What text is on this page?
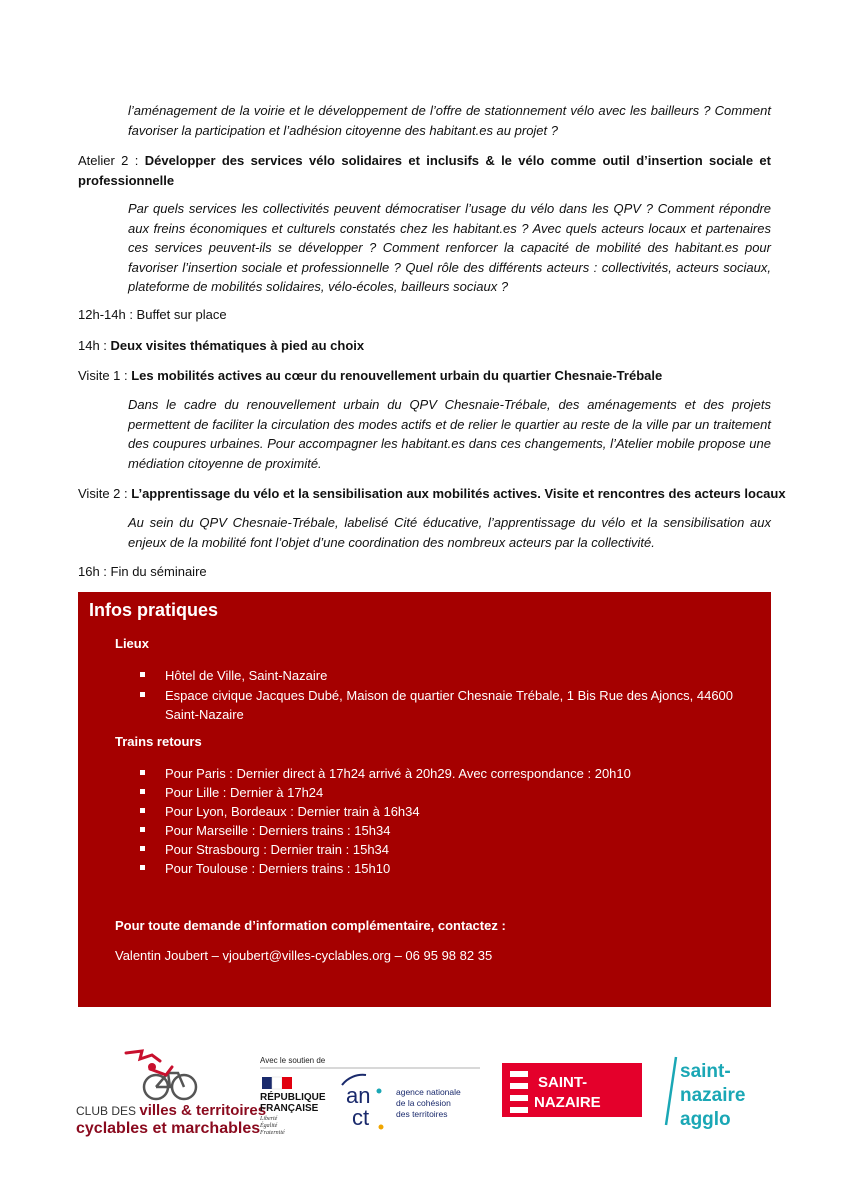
l’aménagement de la voirie et le développement de l’offre de stationnement vélo avec les bailleurs ? Comment favoriser la participation et l’adhésion citoyenne des habitant.es au projet ?
Atelier 2 : Développer des services vélo solidaires et inclusifs & le vélo comme outil d’insertion sociale et professionnelle
Par quels services les collectivités peuvent démocratiser l’usage du vélo dans les QPV ? Comment répondre aux freins économiques et culturels constatés chez les habitant.es ? Avec quels acteurs locaux et partenaires ces services peuvent-ils se développer ? Comment renforcer la capacité de mobilité des habitant.es pour favoriser l’insertion sociale et professionnelle ? Quel rôle des différents acteurs : collectivités, acteurs sociaux, plateforme de mobilités solidaires, vélo-écoles, bailleurs sociaux ?
12h-14h : Buffet sur place
14h : Deux visites thématiques à pied au choix
Visite 1 : Les mobilités actives au cœur du renouvellement urbain du quartier Chesnaie-Trébale
Dans le cadre du renouvellement urbain du QPV Chesnaie-Trébale, des aménagements et des projets permettent de faciliter la circulation des modes actifs et de relier le quartier au reste de la ville par un traitement des coupures urbaines. Pour accompagner les habitant.es dans ces changements, l’Atelier mobile propose une médiation citoyenne de proximité.
Visite 2 : L’apprentissage du vélo et la sensibilisation aux mobilités actives. Visite et rencontres des acteurs locaux
Au sein du QPV Chesnaie-Trébale, labelisé Cité éducative, l’apprentissage du vélo et la sensibilisation aux enjeux de la mobilité font l’objet d’une coordination des nombreux acteurs par la collectivité.
16h : Fin du séminaire
Infos pratiques
Lieux
Hôtel de Ville, Saint-Nazaire
Espace civique Jacques Dubé, Maison de quartier Chesnaie Trébale, 1 Bis Rue des Ajoncs, 44600 Saint-Nazaire
Trains retours
Pour Paris : Dernier direct à 17h24 arrivé à 20h29. Avec correspondance : 20h10
Pour Lille : Dernier à 17h24
Pour Lyon, Bordeaux : Dernier train à 16h34
Pour Marseille : Derniers trains : 15h34
Pour Strasbourg : Dernier train : 15h34
Pour Toulouse : Derniers trains : 15h10
Pour toute demande d’information complémentaire, contactez :
Valentin Joubert – vjoubert@villes-cyclables.org – 06 95 98 82 35
CLUB DES villes & territoires
cyclables et marchables
Avec le soutien de
RÉPUBLIQUE
FRANÇAISE
Liberté
Égalité
Fraternité
an
ct
agence nationale
de la cohésion
des territoires
SAINT-
NAZAIRE
saint-
nazaire
agglo
